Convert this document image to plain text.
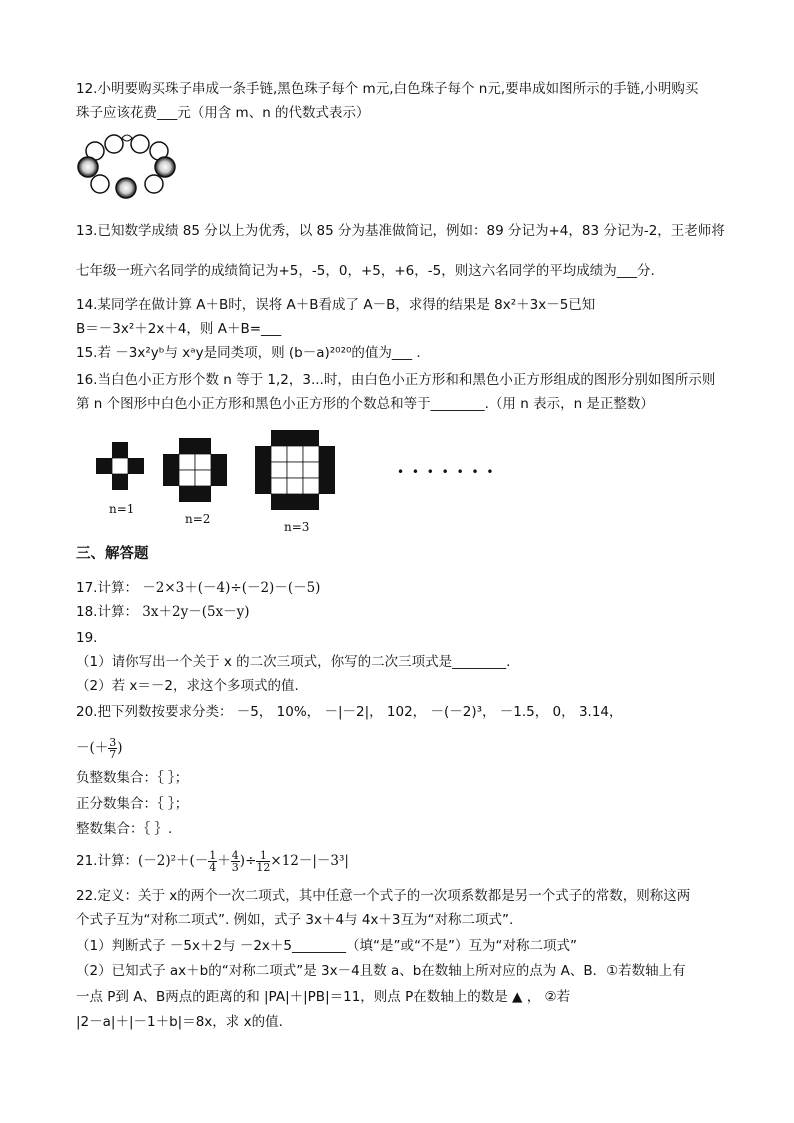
12.小明要购买珠子串成一条手链,黑色珠子每个 m元,白色珠子每个 n元,要串成如图所示的手链,小明购买
珠子应该花费___元（用含 m、n 的代数式表示）
13.已知数学成绩 85 分以上为优秀，以 85 分为基准做简记，例如：89 分记为+4，83 分记为-2，王老师将
七年级一班六名同学的成绩简记为+5，-5，0，+5，+6，-5，则这六名同学的平均成绩为___分.
14.某同学在做计算 A＋B时，误将 A＋B看成了 A－B，求得的结果是 8x²＋3x－5已知
B＝－3x²＋2x＋4，则 A＋B=___
15.若 －3x²yᵇ与 xᵃy是同类项，则 (b－a)²⁰²⁰的值为___ .
16.当白色小正方形个数 n 等于 1,2，3...时，由白色小正方形和和黑色小正方形组成的图形分别如图所示则
第 n 个图形中白色小正方形和黑色小正方形的个数总和等于________.（用 n 表示，n 是正整数）
n=1
n=2
n=3
• • • • • • •
三、解答题
17.计算： －2×3＋(－4)÷(－2)－(－5)
18.计算： 3x＋2y－(5x－y)
19.
（1）请你写出一个关于 x 的二次三项式，你写的二次三项式是________.
（2）若 x＝－2，求这个多项式的值.
20.把下列数按要求分类： －5， 10%， －|－2|， 102， －(－2)³， －1.5， 0， 3.14，
－(＋ $\frac{3}{7}$ )
负整数集合：｛ ｝；
正分数集合：｛ ｝；
整数集合：｛ ｝.
21.计算：$(-2)^2+(- \frac{1}{4} + \frac{4}{3}$ )÷ $\frac{1}{12} \times 12-|-3^3|$
22.定义：关于 x的两个一次二项式，其中任意一个式子的一次项系数都是另一个式子的常数，则称这两
个式子互为“对称二项式”. 例如，式子 3x＋4与 4x＋3互为“对称二项式”.
（1）判断式子 －5x＋2与 －2x＋5________（填“是”或“不是”）互为“对称二项式”
（2）已知式子 ax＋b的“对称二项式”是 3x－4且数 a、b在数轴上所对应的点为 A、B．①若数轴上有
一点 P到 A、B两点的距离的和 |PA|＋|PB|＝11，则点 P在数轴上的数是 ▲ ， ②若
|2－a|＋|－1＋b|＝8x，求 x的值.
